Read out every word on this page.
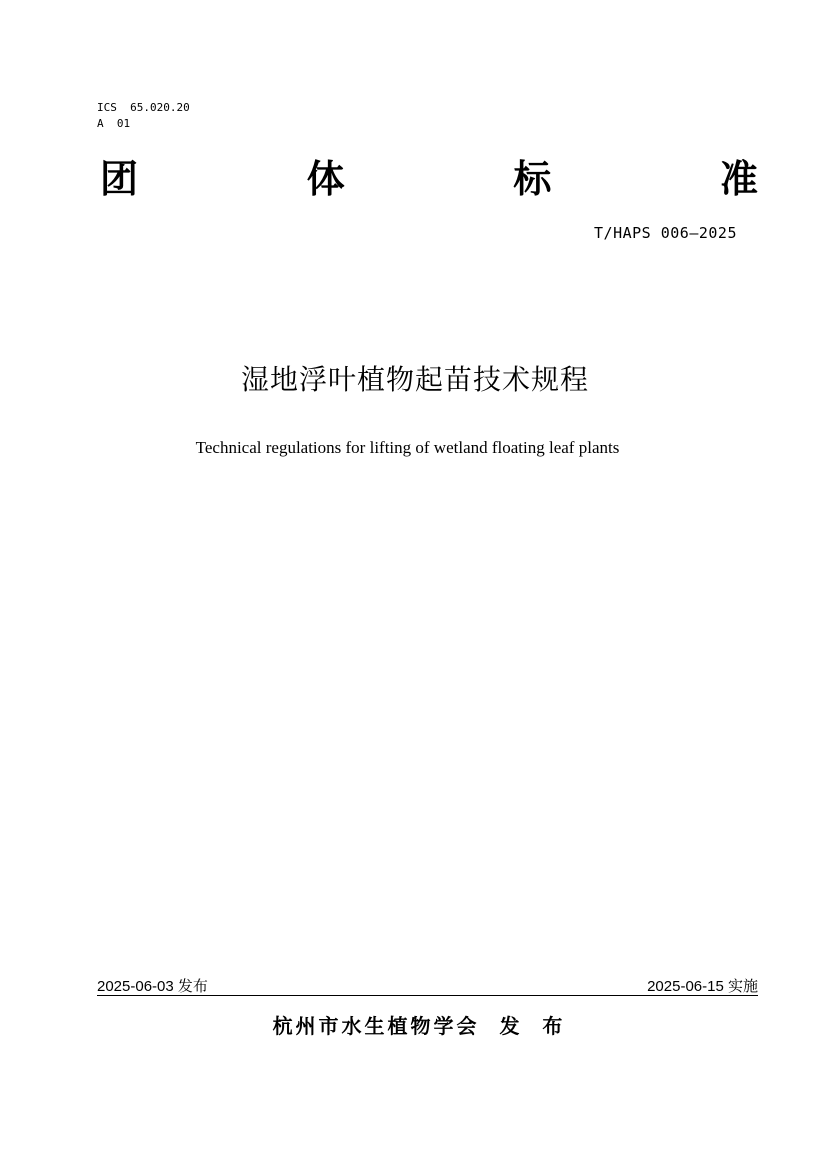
ICS  65.020.20
A  01
团	体	标	准
T/HAPS 006—2025
湿地浮叶植物起苗技术规程
Technical regulations for lifting of wetland floating leaf plants
2025-06-03 发布	2025-06-15 实施
杭州市水生植物学会  发  布
